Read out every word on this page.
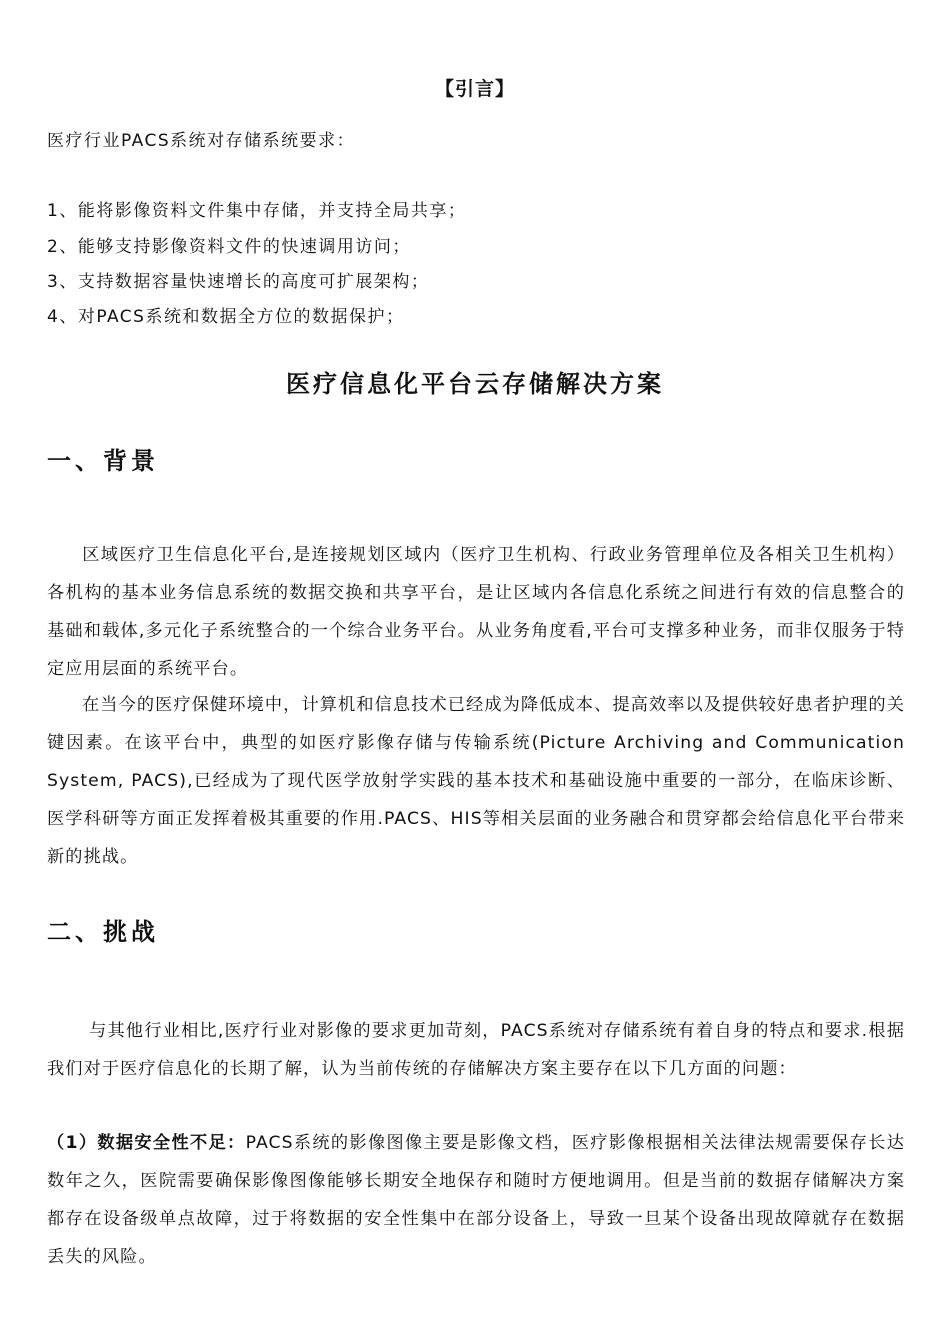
【引言】
医疗行业PACS系统对存储系统要求：
1、能将影像资料文件集中存储，并支持全局共享；
2、能够支持影像资料文件的快速调用访问；
3、支持数据容量快速增长的高度可扩展架构；
4、对PACS系统和数据全方位的数据保护；
医疗信息化平台云存储解决方案
一、背景
区域医疗卫生信息化平台,是连接规划区域内（医疗卫生机构、行政业务管理单位及各相关卫生机构）各机构的基本业务信息系统的数据交换和共享平台，是让区域内各信息化系统之间进行有效的信息整合的基础和载体,多元化子系统整合的一个综合业务平台。从业务角度看,平台可支撑多种业务，而非仅服务于特定应用层面的系统平台。
在当今的医疗保健环境中，计算机和信息技术已经成为降低成本、提高效率以及提供较好患者护理的关键因素。在该平台中，典型的如医疗影像存储与传输系统(Picture Archiving and Communication System, PACS),已经成为了现代医学放射学实践的基本技术和基础设施中重要的一部分，在临床诊断、医学科研等方面正发挥着极其重要的作用.PACS、HIS等相关层面的业务融合和贯穿都会给信息化平台带来新的挑战。
二、挑战
与其他行业相比,医疗行业对影像的要求更加苛刻，PACS系统对存储系统有着自身的特点和要求.根据我们对于医疗信息化的长期了解，认为当前传统的存储解决方案主要存在以下几方面的问题：
（1）数据安全性不足：PACS系统的影像图像主要是影像文档，医疗影像根据相关法律法规需要保存长达数年之久，医院需要确保影像图像能够长期安全地保存和随时方便地调用。但是当前的数据存储解决方案都存在设备级单点故障，过于将数据的安全性集中在部分设备上，导致一旦某个设备出现故障就存在数据丢失的风险。
